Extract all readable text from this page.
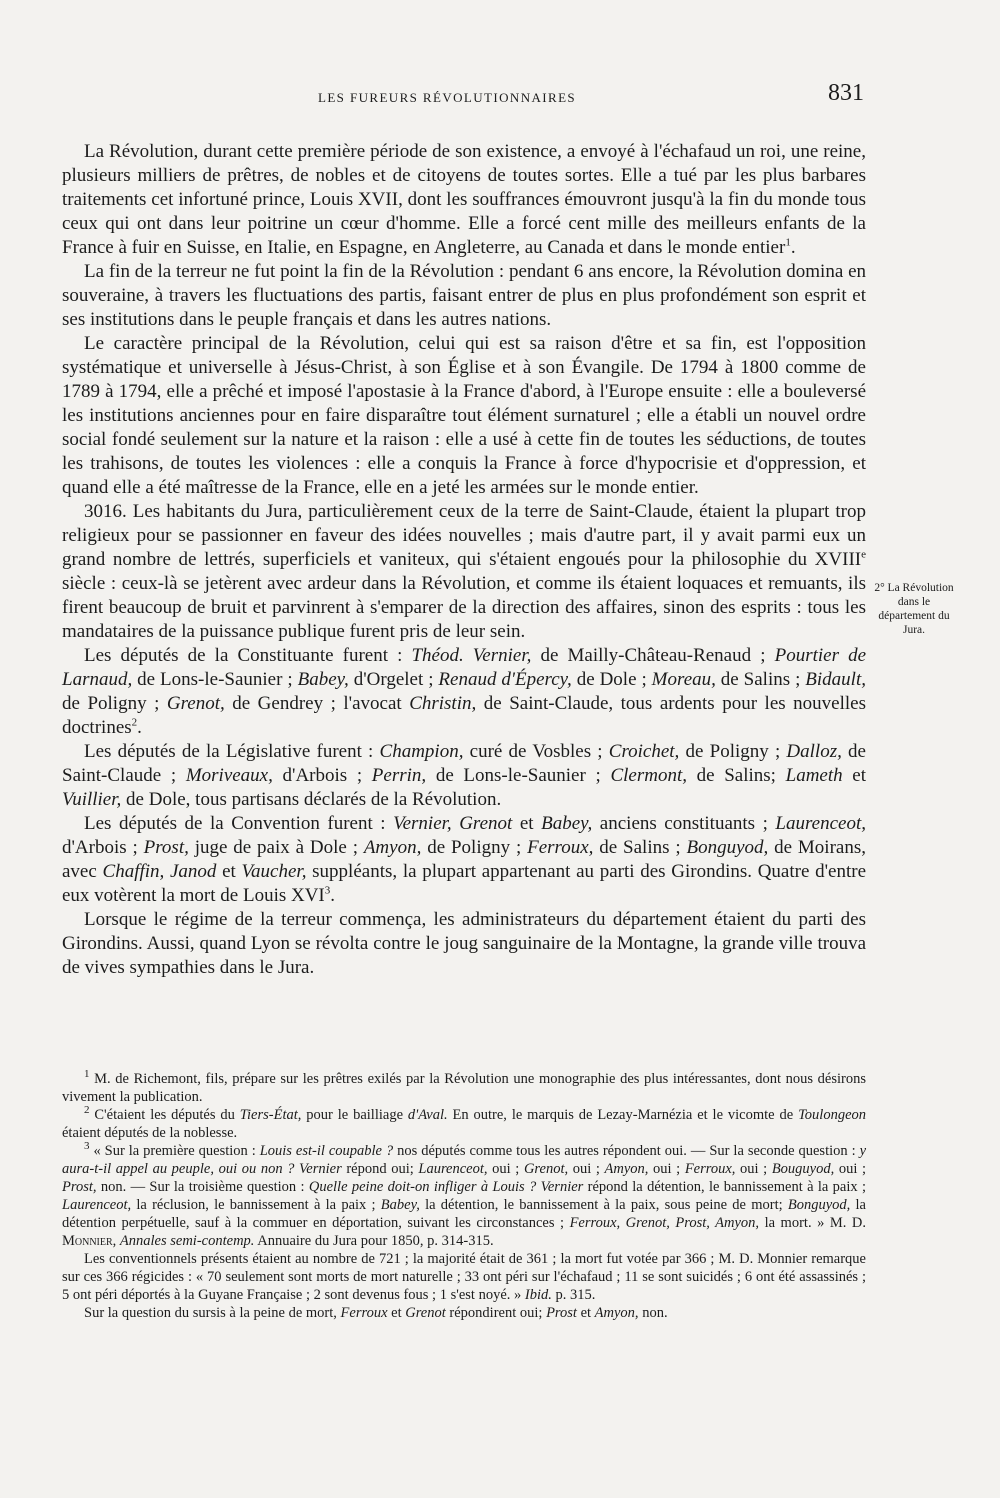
LES FUREURS RÉVOLUTIONNAIRES	831

La Révolution, durant cette première période de son existence, a envoyé à l'échafaud un roi, une reine, plusieurs milliers de prêtres, de nobles et de citoyens de toutes sortes. Elle a tué par les plus barbares traitements cet infortuné prince, Louis XVII, dont les souffrances émouvront jusqu'à la fin du monde tous ceux qui ont dans leur poitrine un cœur d'homme. Elle a forcé cent mille des meilleurs enfants de la France à fuir en Suisse, en Italie, en Espagne, en Angleterre, au Canada et dans le monde entier$^1$.

La fin de la terreur ne fut point la fin de la Révolution : pendant 6 ans encore, la Révolution domina en souveraine, à travers les fluctuations des partis, faisant entrer de plus en plus profondément son esprit et ses institutions dans le peuple français et dans les autres nations.

Le caractère principal de la Révolution, celui qui est sa raison d'être et sa fin, est l'opposition systématique et universelle à Jésus-Christ, à son Église et à son Évangile. De 1794 à 1800 comme de 1789 à 1794, elle a prêché et imposé l'apostasie à la France d'abord, à l'Europe ensuite : elle a bouleversé les institutions anciennes pour en faire disparaître tout élément surnaturel ; elle a établi un nouvel ordre social fondé seulement sur la nature et la raison : elle a usé à cette fin de toutes les séductions, de toutes les trahisons, de toutes les violences : elle a conquis la France à force d'hypocrisie et d'oppression, et quand elle a été maîtresse de la France, elle en a jeté les armées sur le monde entier.

3016. Les habitants du Jura, particulièrement ceux de la terre de Saint-Claude, étaient la plupart trop religieux pour se passionner en faveur des idées nouvelles ; mais d'autre part, il y avait parmi eux un grand nombre de lettrés, superficiels et vaniteux, qui s'étaient engoués pour la philosophie du XVIIIe siècle : ceux-là se jetèrent avec ardeur dans la Révolution, et comme ils étaient loquaces et remuants, ils firent beaucoup de bruit et parvinrent à s'emparer de la direction des affaires, sinon des esprits : tous les mandataires de la puissance publique furent pris de leur sein.

Les députés de la Constituante furent : Théod. Vernier, de Mailly-Château-Renaud ; Pourtier de Larnaud, de Lons-le-Saunier ; Babey, d'Orgelet ; Renaud d'Épercy, de Dole ; Moreau, de Salins ; Bidault, de Poligny ; Grenot, de Gendrey ; l'avocat Christin, de Saint-Claude, tous ardents pour les nouvelles doctrines$^2$.

Les députés de la Législative furent : Champion, curé de Vosbles ; Croichet, de Poligny ; Dalloz, de Saint-Claude ; Moriveaux, d'Arbois ; Perrin, de Lons-le-Saunier ; Clermont, de Salins; Lameth et Vuillier, de Dole, tous partisans déclarés de la Révolution.

Les députés de la Convention furent : Vernier, Grenot et Babey, anciens constituants ; Laurenceot, d'Arbois ; Prost, juge de paix à Dole ; Amyon, de Poligny ; Ferroux, de Salins ; Bonguyod, de Moirans, avec Chaffin, Janod et Vaucher, suppléants, la plupart appartenant au parti des Girondins. Quatre d'entre eux votèrent la mort de Louis XVI$^3$.

Lorsque le régime de la terreur commença, les administrateurs du département étaient du parti des Girondins. Aussi, quand Lyon se révolta contre le joug sanguinaire de la Montagne, la grande ville trouva de vives sympathies dans le Jura.

2° La Révolution dans le département du Jura.

$^1$ M. de Richemont, fils, prépare sur les prêtres exilés par la Révolution une monographie des plus intéressantes, dont nous désirons vivement la publication.

$^2$ C'étaient les députés du Tiers-État, pour le bailliage d'Aval. En outre, le marquis de Lezay-Marnézia et le vicomte de Toulongeon étaient députés de la noblesse.

$^3$ « Sur la première question : Louis est-il coupable ? nos députés comme tous les autres répondent oui. — Sur la seconde question : y aura-t-il appel au peuple, oui ou non ? Vernier répond oui; Laurenceot, oui ; Grenot, oui ; Amyon, oui ; Ferroux, oui ; Bouguyod, oui ; Prost, non. — Sur la troisième question : Quelle peine doit-on infliger à Louis ? Vernier répond la détention, le bannissement à la paix ; Laurenceot, la réclusion, le bannissement à la paix ; Babey, la détention, le bannissement à la paix, sous peine de mort; Bonguyod, la détention perpétuelle, sauf à la commuer en déportation, suivant les circonstances ; Ferroux, Grenot, Prost, Amyon, la mort. » M. D. Monnier, Annales semi-contemp. Annuaire du Jura pour 1850, p. 314-315.

Les conventionnels présents étaient au nombre de 721 ; la majorité était de 361 ; la mort fut votée par 366 ; M. D. Monnier remarque sur ces 366 régicides : « 70 seulement sont morts de mort naturelle ; 33 ont péri sur l'échafaud ; 11 se sont suicidés ; 6 ont été assassinés ; 5 ont péri déportés à la Guyane Française ; 2 sont devenus fous ; 1 s'est noyé. » Ibid. p. 315.

Sur la question du sursis à la peine de mort, Ferroux et Grenot répondirent oui; Prost et Amyon, non.
